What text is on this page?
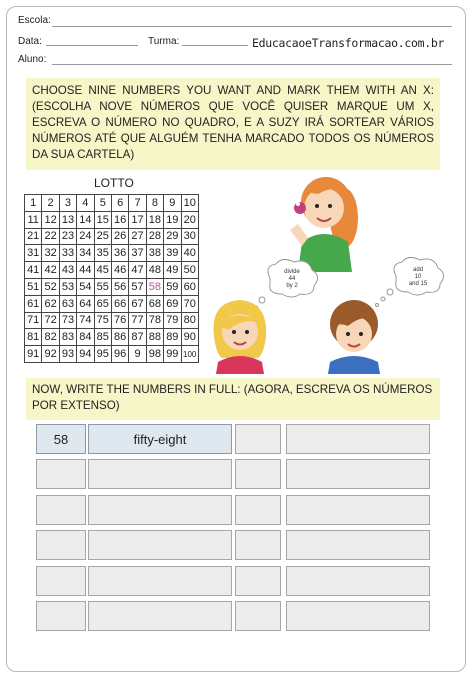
Escola:
Data:	Turma:	EducacaoeTransformacao.com.br
Aluno:
CHOOSE NINE NUMBERS YOU WANT AND MARK THEM WITH AN X: (ESCOLHA NOVE NÚMEROS QUE VOCÊ QUISER MARQUE UM X, ESCREVA O NÚMERO NO QUADRO, E A SUZY IRÁ SORTEAR VÁRIOS NÚMEROS ATÉ QUE ALGUÉM TENHA MARCADO TODOS OS NÚMEROS DA SUA CARTELA)
LOTTO
1	2	3	4	5	6	7	8	9	10
11	12	13	14	15	16	17	18	19	20
21	22	23	24	25	26	27	28	29	30
31	32	33	34	35	36	37	38	39	40
41	42	43	44	45	46	47	48	49	50
51	52	53	54	55	56	57	58	59	60
61	62	63	64	65	66	67	68	69	70
71	72	73	74	75	76	77	78	79	80
81	82	83	84	85	86	87	88	89	90
91	92	93	94	95	96	9	98	99	100
divide
44
by 2
add
10
and 15
NOW, WRITE THE NUMBERS IN FULL: (AGORA, ESCREVA OS NÚMEROS POR EXTENSO)
58	fifty-eight
